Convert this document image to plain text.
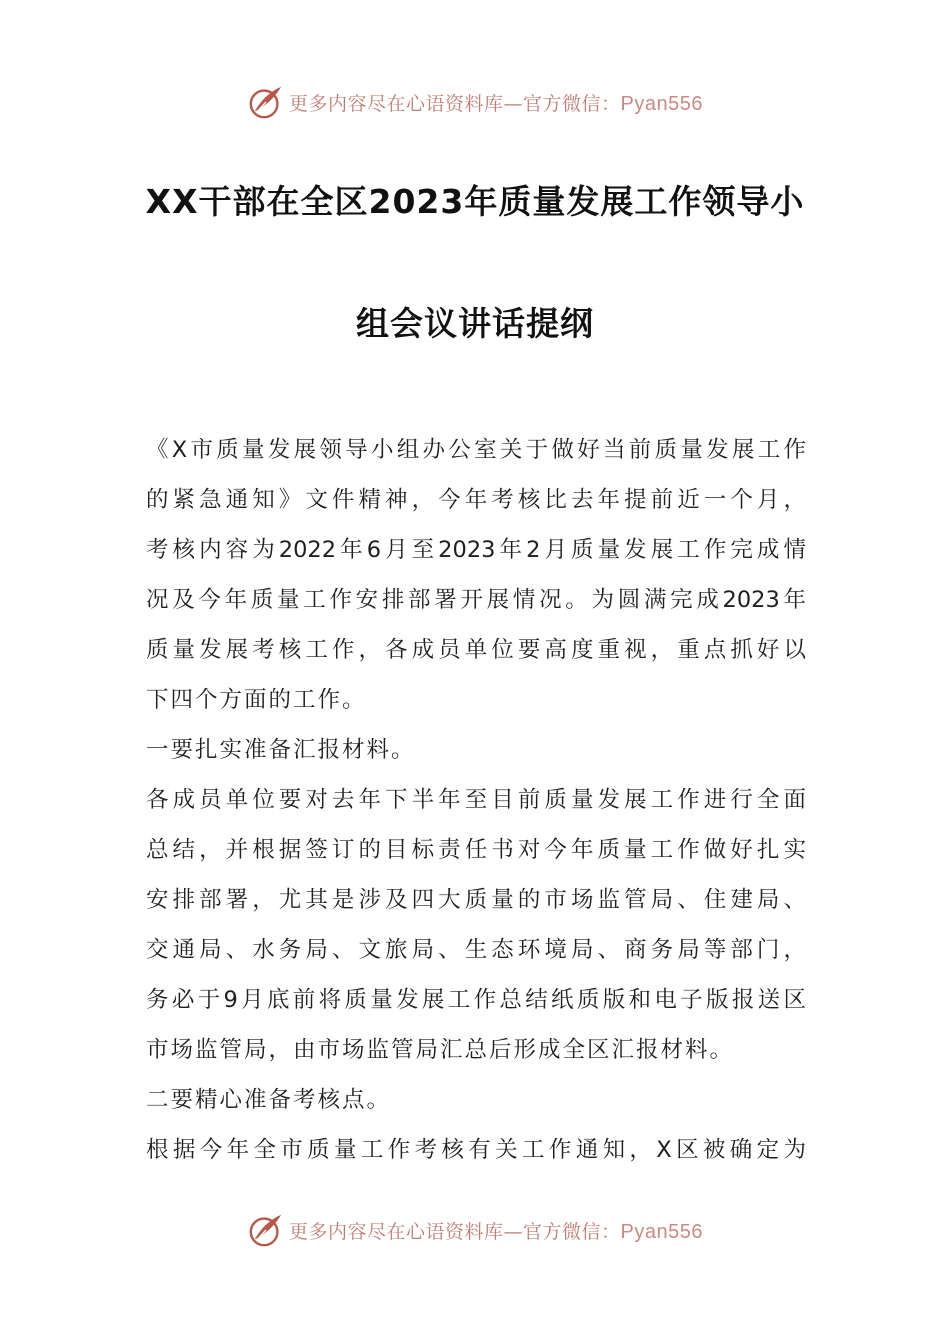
更多内容尽在心语资料库—官方微信：Pyan556
XX干部在全区2023年质量发展工作领导小
组会议讲话提纲
《X市质量发展领导小组办公室关于做好当前质量发展工作
的紧急通知》文件精神，今年考核比去年提前近一个月，
考核内容为2022年6月至2023年2月质量发展工作完成情
况及今年质量工作安排部署开展情况。为圆满完成2023年
质量发展考核工作，各成员单位要高度重视，重点抓好以
下四个方面的工作。
一要扎实准备汇报材料。
各成员单位要对去年下半年至目前质量发展工作进行全面
总结，并根据签订的目标责任书对今年质量工作做好扎实
安排部署，尤其是涉及四大质量的市场监管局、住建局、
交通局、水务局、文旅局、生态环境局、商务局等部门，
务必于9月底前将质量发展工作总结纸质版和电子版报送区
市场监管局，由市场监管局汇总后形成全区汇报材料。
二要精心准备考核点。
根据今年全市质量工作考核有关工作通知，X区被确定为
更多内容尽在心语资料库—官方微信：Pyan556
